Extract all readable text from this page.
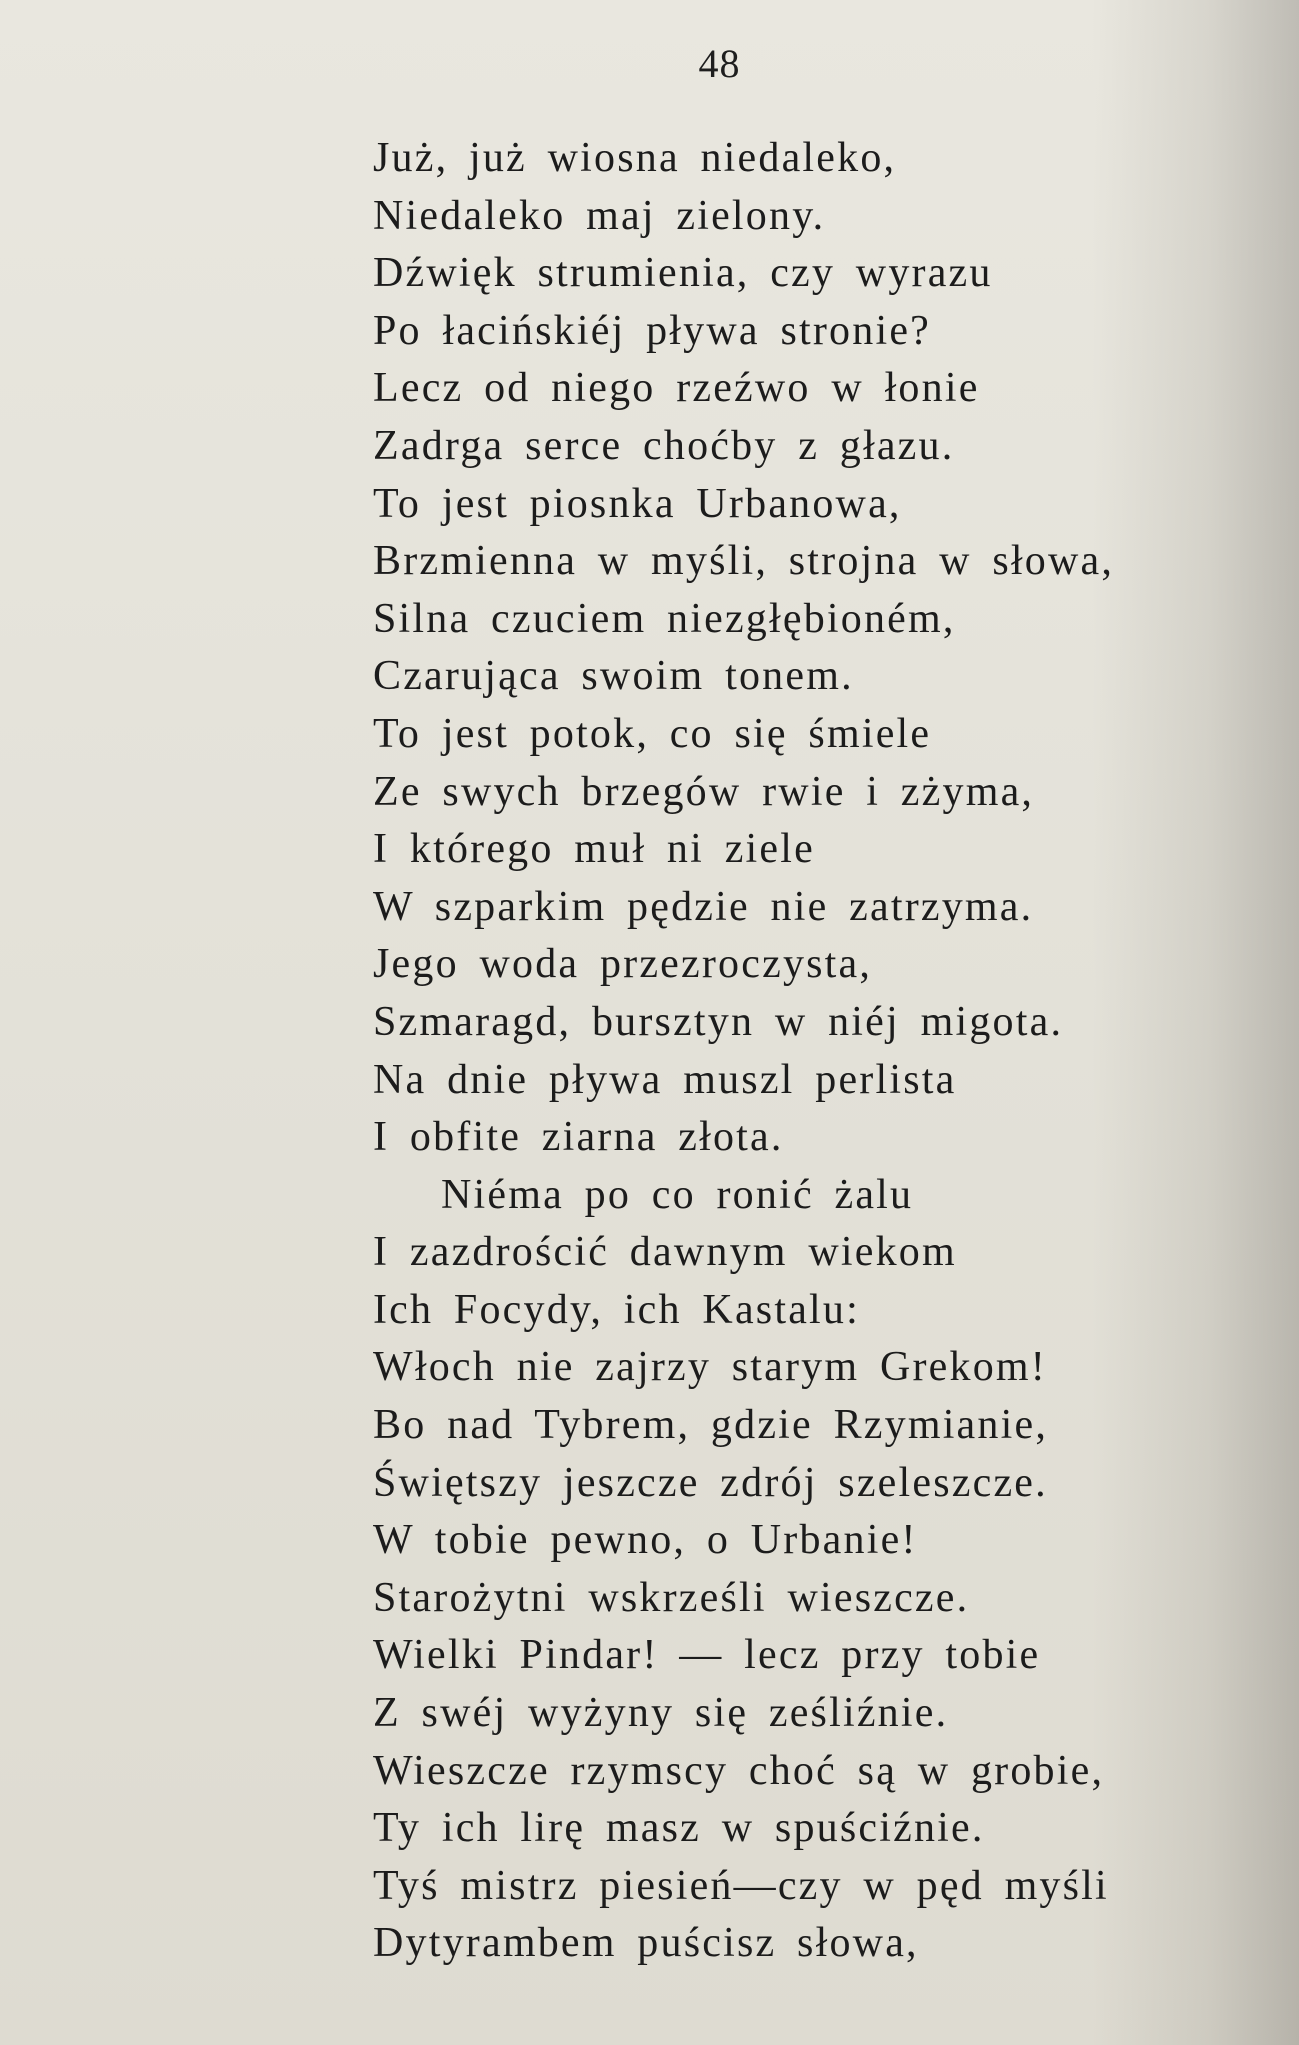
48
Już, już wiosna niedaleko,
Niedaleko maj zielony.
Dźwięk strumienia, czy wyrazu
Po łacińskiéj pływa stronie?
Lecz od niego rzeźwo w łonie
Zadrga serce choćby z głazu.
To jest piosnka Urbanowa,
Brzmienna w myśli, strojna w słowa,
Silna czuciem niezgłębioném,
Czarująca swoim tonem.
To jest potok, co się śmiele
Ze swych brzegów rwie i zżyma,
I którego muł ni ziele
W szparkim pędzie nie zatrzyma.
Jego woda przezroczysta,
Szmaragd, bursztyn w niéj migota.
Na dnie pływa muszl perlista
I obfite ziarna złota.
Niéma po co ronić żalu
I zazdrościć dawnym wiekom
Ich Focydy, ich Kastalu:
Włoch nie zajrzy starym Grekom!
Bo nad Tybrem, gdzie Rzymianie,
Świętszy jeszcze zdrój szeleszcze.
W tobie pewno, o Urbanie!
Starożytni wskrześli wieszcze.
Wielki Pindar! — lecz przy tobie
Z swéj wyżyny się ześliźnie.
Wieszcze rzymscy choć są w grobie,
Ty ich lirę masz w spuściźnie.
Tyś mistrz piesień—czy w pęd myśli
Dytyrambem puścisz słowa,
